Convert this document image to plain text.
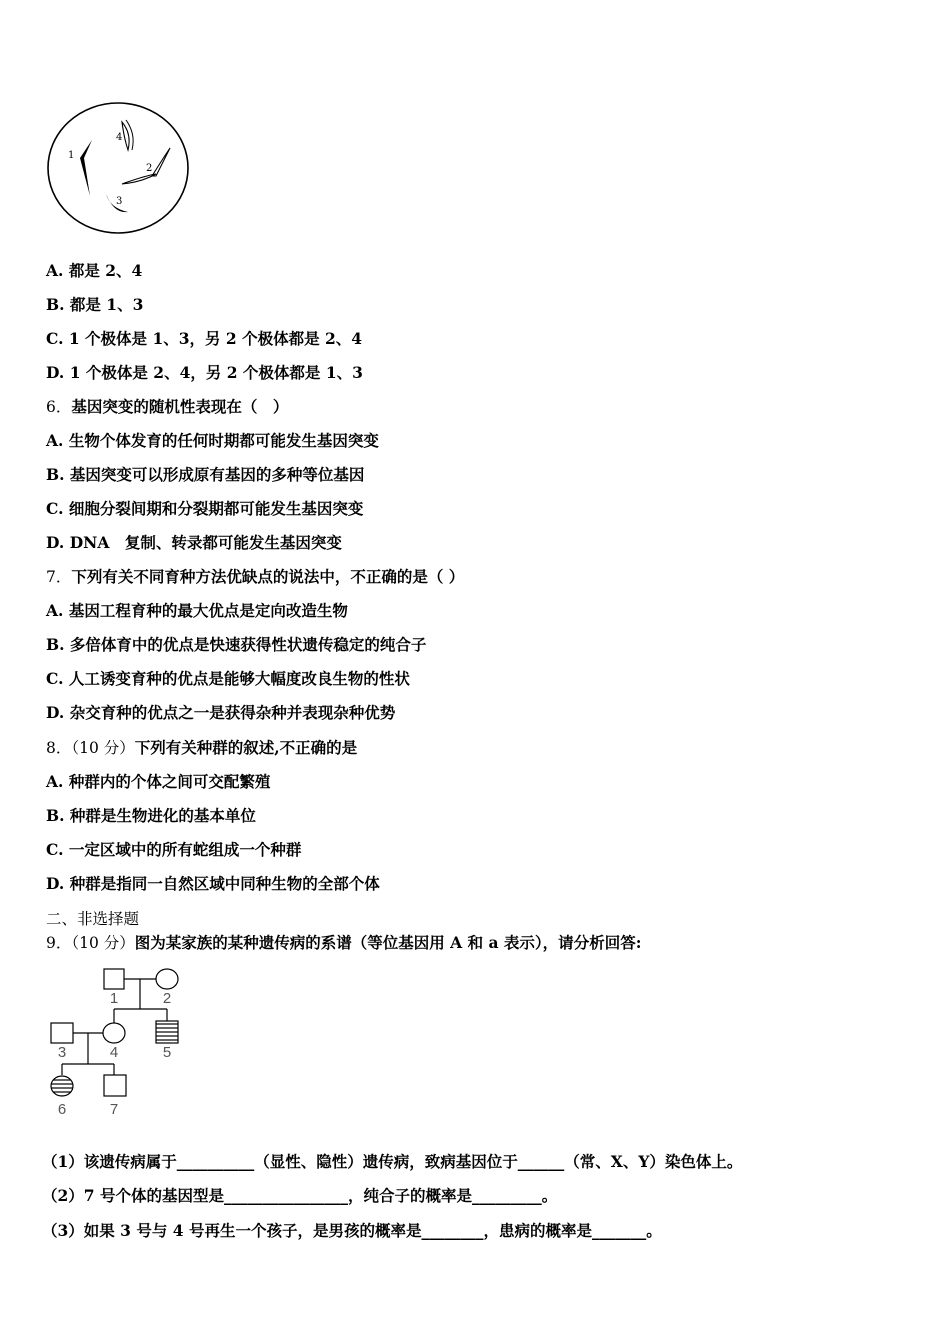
1
2
3
4
A. 都是 2、4
B. 都是 1、3
C. 1 个极体是 1、3，另 2 个极体都是 2、4
D. 1 个极体是 2、4，另 2 个极体都是 1、3
6．基因突变的随机性表现在（　）
A. 生物个体发育的任何时期都可能发生基因突变
B. 基因突变可以形成原有基因的多种等位基因
C. 细胞分裂间期和分裂期都可能发生基因突变
D. DNA　复制、转录都可能发生基因突变
7．下列有关不同育种方法优缺点的说法中，不正确的是（ ）
A. 基因工程育种的最大优点是定向改造生物
B. 多倍体育中的优点是快速获得性状遗传稳定的纯合子
C. 人工诱变育种的优点是能够大幅度改良生物的性状
D. 杂交育种的优点之一是获得杂种并表现杂种优势
8．（10 分）下列有关种群的叙述,不正确的是
A. 种群内的个体之间可交配繁殖
B. 种群是生物进化的基本单位
C. 一定区域中的所有蛇组成一个种群
D. 种群是指同一自然区域中同种生物的全部个体
二、非选择题
9．（10 分）图为某家族的某种遗传病的系谱（等位基因用 A 和 a 表示），请分析回答:
1	2
3	4	5
6	7
（1）该遗传病属于__________（显性、隐性）遗传病，致病基因位于______（常、X、Y）染色体上。
（2）7 号个体的基因型是________________，纯合子的概率是_________。
（3）如果 3 号与 4 号再生一个孩子，是男孩的概率是________，患病的概率是_______。
